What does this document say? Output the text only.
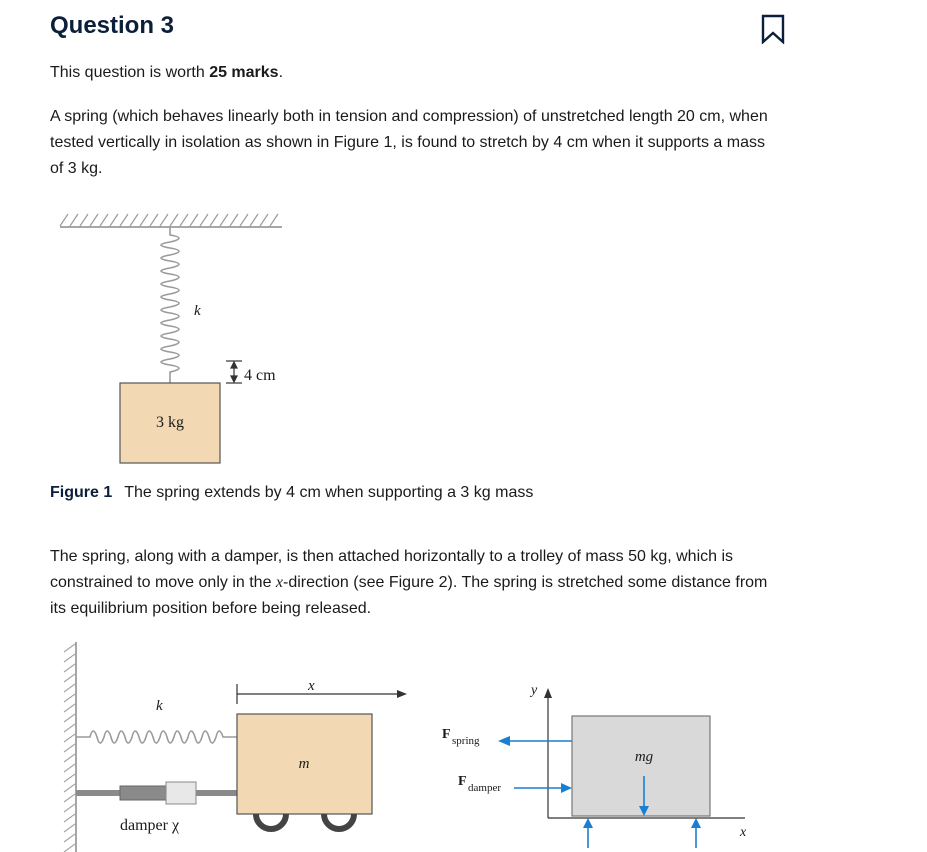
Question 3

This question is worth 25 marks.

A spring (which behaves linearly both in tension and compression) of unstretched length 20 cm, when tested vertically in isolation as shown in Figure 1, is found to stretch by 4 cm when it supports a mass of 3 kg.

k
4 cm
3 kg
Figure 1 The spring extends by 4 cm when supporting a 3 kg mass

The spring, along with a damper, is then attached horizontally to a trolley of mass 50 kg, which is constrained to move only in the x-direction (see Figure 2). The spring is stretched some distance from its equilibrium position before being released.

k
x
damper χ
m
y
x
mg
F spring
F damper
